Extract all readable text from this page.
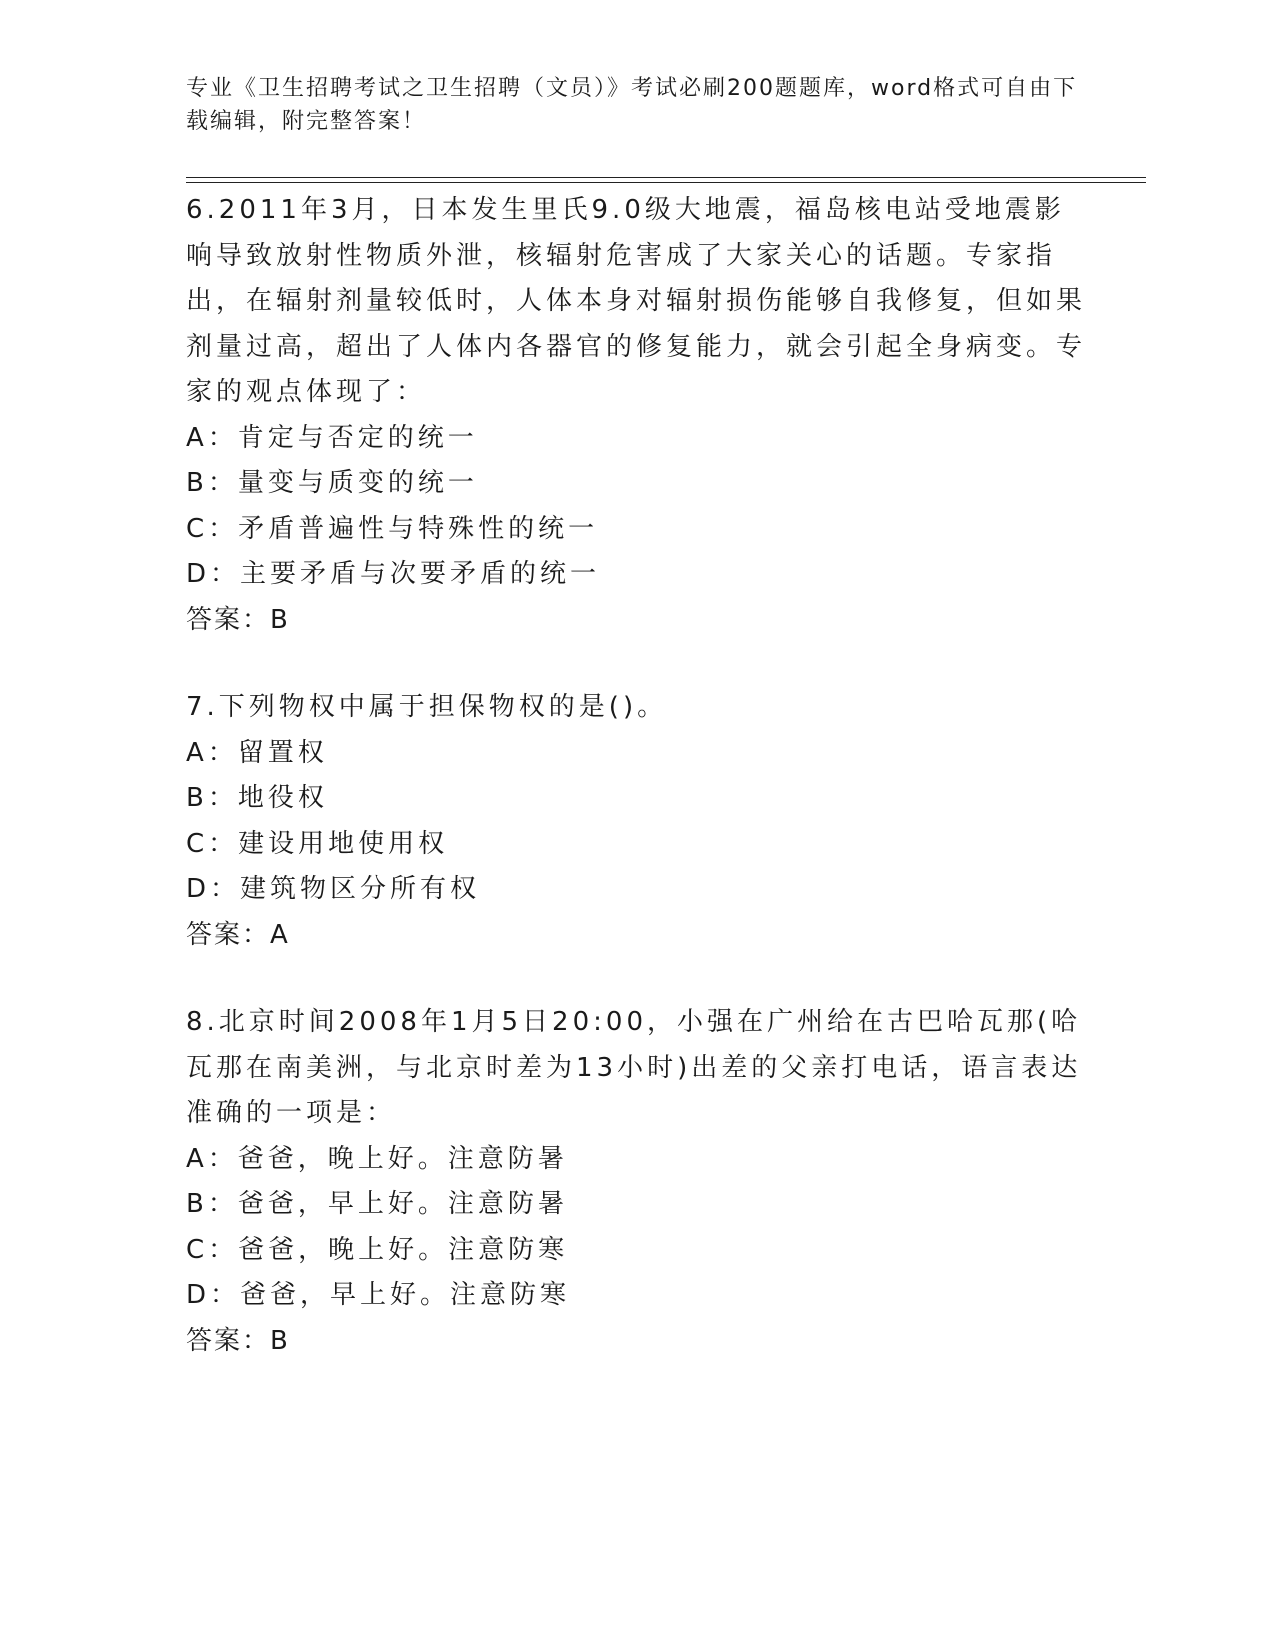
专业《卫生招聘考试之卫生招聘（文员）》考试必刷200题题库，word格式可自由下载编辑，附完整答案！

6.2011年3月，日本发生里氏9.0级大地震，福岛核电站受地震影响导致放射性物质外泄，核辐射危害成了大家关心的话题。专家指出，在辐射剂量较低时，人体本身对辐射损伤能够自我修复，但如果剂量过高，超出了人体内各器官的修复能力，就会引起全身病变。专家的观点体现了：

A：肯定与否定的统一

B：量变与质变的统一

C：矛盾普遍性与特殊性的统一

D：主要矛盾与次要矛盾的统一

答案：B

7.下列物权中属于担保物权的是()。

A：留置权

B：地役权

C：建设用地使用权

D：建筑物区分所有权

答案：A

8.北京时间2008年1月5日20:00，小强在广州给在古巴哈瓦那(哈瓦那在南美洲，与北京时差为13小时)出差的父亲打电话，语言表达准确的一项是：

A：爸爸，晚上好。注意防暑

B：爸爸，早上好。注意防暑

C：爸爸，晚上好。注意防寒

D：爸爸，早上好。注意防寒

答案：B
